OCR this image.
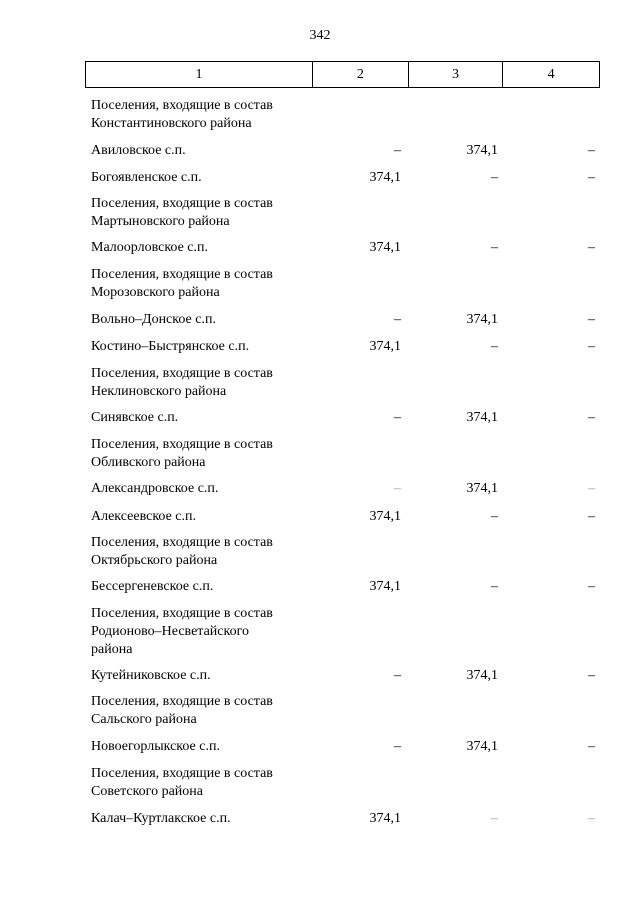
342
1	2	3	4
Поселения, входящие в состав
Константиновского района
Авиловское с.п.	–	374,1	–
Богоявленское с.п.	374,1	–	–
Поселения, входящие в состав
Мартыновского района
Малоорловское с.п.	374,1	–	–
Поселения, входящие в состав
Морозовского района
Вольно–Донское с.п.	–	374,1	–
Костино–Быстрянское с.п.	374,1	–	–
Поселения, входящие в состав
Неклиновского района
Синявское с.п.	–	374,1	–
Поселения, входящие в состав
Обливского района
Александровское с.п.	–	374,1	–
Алексеевское с.п.	374,1	–	–
Поселения, входящие в состав
Октябрьского района
Бессергеневское с.п.	374,1	–	–
Поселения, входящие в состав
Родионово–Несветайского
района
Кутейниковское с.п.	–	374,1	–
Поселения, входящие в состав
Сальского района
Новоегорлыкское с.п.	–	374,1	–
Поселения, входящие в состав
Советского района
Калач–Куртлакское с.п.	374,1	–	–
